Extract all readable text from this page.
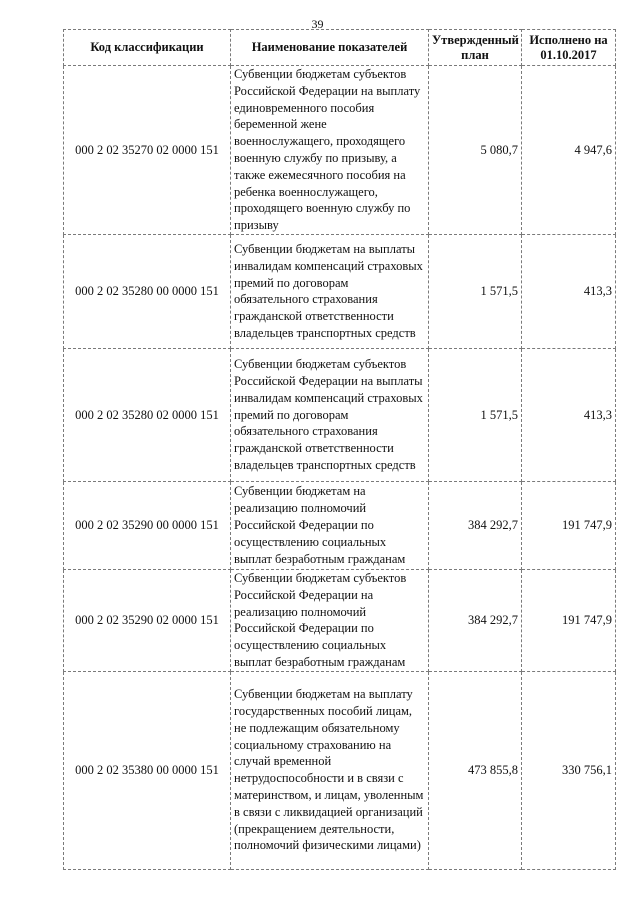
39
Код классификации	Наименование показателей	Утвержденный план	Исполнено на 01.10.2017
000 2 02 35270 02 0000 151	Субвенции бюджетам субъектов Российской Федерации на выплату единовременного пособия беременной жене военнослужащего, проходящего военную службу по призыву, а также ежемесячного пособия на ребенка военнослужащего, проходящего военную службу по призыву	5 080,7	4 947,6
000 2 02 35280 00 0000 151	Субвенции бюджетам на выплаты инвалидам компенсаций страховых премий по договорам обязательного страхования гражданской ответственности владельцев транспортных средств	1 571,5	413,3
000 2 02 35280 02 0000 151	Субвенции бюджетам субъектов Российской Федерации на выплаты инвалидам компенсаций страховых премий по договорам обязательного страхования гражданской ответственности владельцев транспортных средств	1 571,5	413,3
000 2 02 35290 00 0000 151	Субвенции бюджетам на реализацию полномочий Российской Федерации по осуществлению социальных выплат безработным гражданам	384 292,7	191 747,9
000 2 02 35290 02 0000 151	Субвенции бюджетам субъектов Российской Федерации на реализацию полномочий Российской Федерации по осуществлению социальных выплат безработным гражданам	384 292,7	191 747,9
000 2 02 35380 00 0000 151	Субвенции бюджетам на выплату государственных пособий лицам, не подлежащим обязательному социальному страхованию на случай временной нетрудоспособности и в связи с материнством, и лицам, уволенным в связи с ликвидацией организаций (прекращением деятельности, полномочий физическими лицами)	473 855,8	330 756,1
